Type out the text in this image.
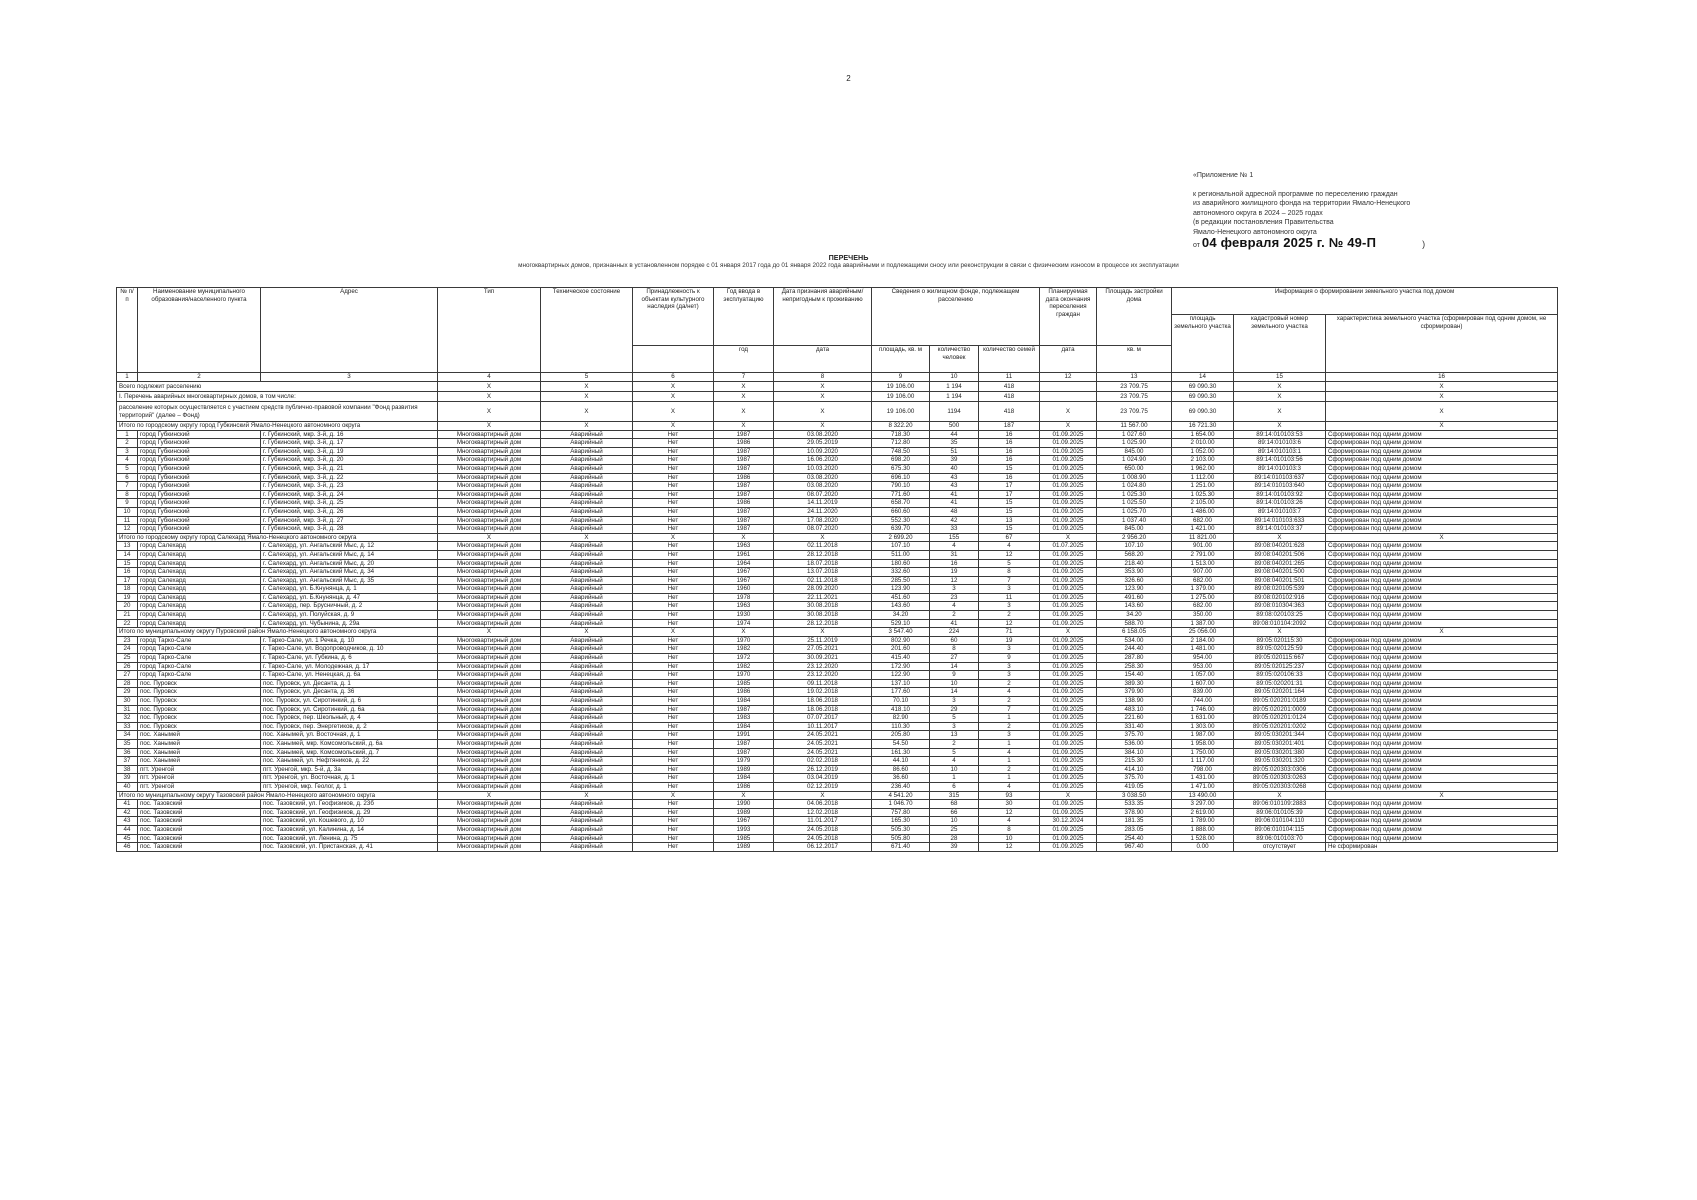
2
«Приложение № 1
к региональной адресной программе по переселению граждан
из аварийного жилищного фонда на территории Ямало-Ненецкого
автономного округа в 2024 – 2025 годах
(в редакции постановления Правительства
Ямало-Ненецкого автономного округа
от 04 февраля 2025 г. № 49-П	)
ПЕРЕЧЕНЬ
многоквартирных домов, признанных в установленном порядке с 01 января 2017 года до 01 января 2022 года аварийными и подлежащими сносу или реконструкции в связи с физическим износом в процессе их эксплуатации
№ п/п	Наименование муниципального образования/населенного пункта	Адрес	Тип	Техническое состояние	Принадлежность к объектам культурного наследия (да/нет)	Год ввода в эксплуатацию	Дата признания аварийным/непригодным к проживанию	Сведения о жилищном фонде, подлежащем расселению			Планируемая дата окончания переселения граждан	Площадь застройки дома	Информация о формировании земельного участка под домом		
													площадь земельного участка	кадастровый номер земельного участка	характеристика земельного участка (сформирован под одним домом, не сформирован)
						год	дата	площадь, кв. м	количество человек	количество семей	дата	кв. м			
1	2	3	4	5	6	7	8	9	10	11	12	13	14	15	16
Всего подлежит расселению			X	X	X	X	X	19 106.00	1 194	418		23 709.75	69 090.30	X	X
I. Перечень аварийных многоквартирных домов, в том числе:			X	X	X	X	X	19 106.00	1 194	418		23 709.75	69 090.30	X	X
расселение которых осуществляется с участием средств публично-правовой компании "Фонд развития территорий" (далее – Фонд)			X	X	X	X	X	19 106.00	1194	418	X	23 709.75	69 090.30	X	X
Итого по городскому округу город Губкинский Ямало-Ненецкого автономного округа			X	X	X	X	X	8 322.20	500	187	X	11 567.00	16 721.30	X	X
1	город Губкинский	г. Губкинский, мкр. 3-й, д. 16	Многоквартирный дом	Аварийный	Нет	1987	03.08.2020	718.30	44	16	01.09.2025	1 027.60	1 654.00	89:14:010103:53	Сформирован под одним домом
2	город Губкинский	г. Губкинский, мкр. 3-й, д. 17	Многоквартирный дом	Аварийный	Нет	1986	29.05.2019	712.80	35	16	01.09.2025	1 025.90	2 010.00	89:14:010103:6	Сформирован под одним домом
3	город Губкинский	г. Губкинский, мкр. 3-й, д. 19	Многоквартирный дом	Аварийный	Нет	1987	10.09.2020	748.50	51	16	01.09.2025	845.00	1 052.00	89:14:010103:1	Сформирован под одним домом
4	город Губкинский	г. Губкинский, мкр. 3-й, д. 20	Многоквартирный дом	Аварийный	Нет	1987	16.06.2020	698.20	39	16	01.09.2025	1 024.90	2 103.00	89:14:010103:56	Сформирован под одним домом
5	город Губкинский	г. Губкинский, мкр. 3-й, д. 21	Многоквартирный дом	Аварийный	Нет	1987	10.03.2020	675.30	40	15	01.09.2025	650.00	1 962.00	89:14:010103:3	Сформирован под одним домом
6	город Губкинский	г. Губкинский, мкр. 3-й, д. 22	Многоквартирный дом	Аварийный	Нет	1986	03.08.2020	696.10	43	16	01.09.2025	1 008.90	1 112.00	89:14:010103:637	Сформирован под одним домом
7	город Губкинский	г. Губкинский, мкр. 3-й, д. 23	Многоквартирный дом	Аварийный	Нет	1987	03.08.2020	790.10	43	17	01.09.2025	1 024.80	1 251.00	89:14:010103:640	Сформирован под одним домом
8	город Губкинский	г. Губкинский, мкр. 3-й, д. 24	Многоквартирный дом	Аварийный	Нет	1987	08.07.2020	771.60	41	17	01.09.2025	1 025.30	1 025.30	89:14:010103:92	Сформирован под одним домом
9	город Губкинский	г. Губкинский, мкр. 3-й, д. 25	Многоквартирный дом	Аварийный	Нет	1986	14.11.2019	658.70	41	15	01.09.2025	1 025.50	2 105.00	89:14:010103:26	Сформирован под одним домом
10	город Губкинский	г. Губкинский, мкр. 3-й, д. 26	Многоквартирный дом	Аварийный	Нет	1987	24.11.2020	660.60	48	15	01.09.2025	1 025.70	1 486.00	89:14:010103:7	Сформирован под одним домом
11	город Губкинский	г. Губкинский, мкр. 3-й, д. 27	Многоквартирный дом	Аварийный	Нет	1987	17.08.2020	552.30	42	13	01.09.2025	1 037.40	682.00	89:14:010103:633	Сформирован под одним домом
12	город Губкинский	г. Губкинский, мкр. 3-й, д. 28	Многоквартирный дом	Аварийный	Нет	1987	08.07.2020	639.70	33	15	01.09.2025	845.00	1 421.00	89:14:010103:37	Сформирован под одним домом
Итого по городскому округу город Салехард Ямало-Ненецкого автономного округа			X	X	X	X	X	2 699.20	155	67	X	2 956.20	11 821.00	X	X
13	город Салехард	г. Салехард, ул. Ангальский Мыс, д. 12	Многоквартирный дом	Аварийный	Нет	1963	02.11.2018	107.10	4	4	01.07.2025	107.10	901.00	89:08:040201:628	Сформирован под одним домом
14	город Салехард	г. Салехард, ул. Ангальский Мыс, д. 14	Многоквартирный дом	Аварийный	Нет	1961	28.12.2018	511.00	31	12	01.09.2025	568.20	2 791.00	89:08:040201:506	Сформирован под одним домом
15	город Салехард	г. Салехард, ул. Ангальский Мыс, д. 20	Многоквартирный дом	Аварийный	Нет	1964	18.07.2018	180.60	16	5	01.09.2025	218.40	1 513.00	89:08:040201:265	Сформирован под одним домом
16	город Салехард	г. Салехард, ул. Ангальский Мыс, д. 34	Многоквартирный дом	Аварийный	Нет	1967	13.07.2018	332.60	19	8	01.09.2025	353.90	907.00	89:08:040201:500	Сформирован под одним домом
17	город Салехард	г. Салехард, ул. Ангальский Мыс, д. 35	Многоквартирный дом	Аварийный	Нет	1967	02.11.2018	285.50	12	7	01.09.2025	326.60	682.00	89:08:040201:501	Сформирован под одним домом
18	город Салехард	г. Салехард, ул. Б.Кнунянца, д. 1	Многоквартирный дом	Аварийный	Нет	1960	28.09.2020	123.90	3	3	01.09.2025	123.90	1 379.00	89:08:020105:539	Сформирован под одним домом
19	город Салехард	г. Салехард, ул. Б.Кнунянца, д. 47	Многоквартирный дом	Аварийный	Нет	1978	22.11.2021	451.60	23	11	01.09.2025	491.60	1 275.00	89:08:020102:916	Сформирован под одним домом
20	город Салехард	г. Салехард, пер. Брусничный, д. 2	Многоквартирный дом	Аварийный	Нет	1963	30.08.2018	143.60	4	3	01.09.2025	143.60	682.00	89:08:010304:363	Сформирован под одним домом
21	город Салехард	г. Салехард, ул. Полуйская, д. 9	Многоквартирный дом	Аварийный	Нет	1930	30.08.2018	34.20	2	2	01.09.2025	34.20	350.00	89:08:020103:25	Сформирован под одним домом
22	город Салехард	г. Салехард, ул. Чубынина, д. 29а	Многоквартирный дом	Аварийный	Нет	1974	28.12.2018	529.10	41	12	01.09.2025	588.70	1 387.00	89:08:010104:2092	Сформирован под одним домом
Итого по муниципальному округу Пуровский район Ямало-Ненецкого автономного округа			X	X	X	X	X	3 547.40	224	71	X	6 158.05	25 056.00	X	X
23	город Тарко-Сале	г. Тарко-Сале, ул. 1 Речка, д. 10	Многоквартирный дом	Аварийный	Нет	1970	25.11.2019	802.90	60	19	01.09.2025	534.00	2 184.00	89:05:020115:30	Сформирован под одним домом
24	город Тарко-Сале	г. Тарко-Сале, ул. Водопроводчиков, д. 10	Многоквартирный дом	Аварийный	Нет	1982	27.05.2021	201.60	8	3	01.09.2025	244.40	1 481.00	89:05:020125:59	Сформирован под одним домом
25	город Тарко-Сале	г. Тарко-Сале, ул. Губкина, д. 6	Многоквартирный дом	Аварийный	Нет	1972	30.09.2021	415.40	27	9	01.09.2025	287.80	954.00	89:05:020115:667	Сформирован под одним домом
26	город Тарко-Сале	г. Тарко-Сале, ул. Молодежная, д. 17	Многоквартирный дом	Аварийный	Нет	1982	23.12.2020	172.90	14	3	01.09.2025	258.30	953.00	89:05:020125:237	Сформирован под одним домом
27	город Тарко-Сале	г. Тарко-Сале, ул. Ненецкая, д. 6а	Многоквартирный дом	Аварийный	Нет	1970	23.12.2020	122.90	9	3	01.09.2025	154.40	1 057.00	89:05:020106:33	Сформирован под одним домом
28	пос. Пуровск	пос. Пуровск, ул. Десанта, д. 1	Многоквартирный дом	Аварийный	Нет	1985	09.11.2018	137.10	10	2	01.09.2025	389.30	1 607.00	89:05:020201:31	Сформирован под одним домом
29	пос. Пуровск	пос. Пуровск, ул. Десанта, д. 36	Многоквартирный дом	Аварийный	Нет	1986	19.02.2018	177.60	14	4	01.09.2025	379.90	839.00	89:05:020201:164	Сформирован под одним домом
30	пос. Пуровск	пос. Пуровск, ул. Сиротинкий, д. 6	Многоквартирный дом	Аварийный	Нет	1984	18.06.2018	70.10	3	2	01.09.2025	138.90	744.00	89:05:020201:0189	Сформирован под одним домом
31	пос. Пуровск	пос. Пуровск, ул. Сиротинкий, д. 6а	Многоквартирный дом	Аварийный	Нет	1987	18.06.2018	418.10	29	7	01.09.2025	483.10	1 746.00	89:05:020201:0009	Сформирован под одним домом
32	пос. Пуровск	пос. Пуровск, пер. Школьный, д. 4	Многоквартирный дом	Аварийный	Нет	1983	07.07.2017	82.90	5	1	01.09.2025	221.60	1 631.00	89:05:020201:0124	Сформирован под одним домом
33	пос. Пуровск	пос. Пуровск, пер. Энергетиков, д. 2	Многоквартирный дом	Аварийный	Нет	1984	10.11.2017	110.30	3	2	01.09.2025	331.40	1 303.00	89:05:020201:0202	Сформирован под одним домом
34	пос. Ханымей	пос. Ханымей, ул. Восточная, д. 1	Многоквартирный дом	Аварийный	Нет	1991	24.05.2021	205.80	13	3	01.09.2025	375.70	1 987.00	89:05:030201:344	Сформирован под одним домом
35	пос. Ханымей	пос. Ханымей, мкр. Комсомольский, д. 6а	Многоквартирный дом	Аварийный	Нет	1987	24.05.2021	54.50	2	1	01.09.2025	536.00	1 958.00	89:05:030201:401	Сформирован под одним домом
36	пос. Ханымей	пос. Ханымей, мкр. Комсомольский, д. 7	Многоквартирный дом	Аварийный	Нет	1987	24.05.2021	161.30	5	4	01.09.2025	384.10	1 750.00	89:05:030201:380	Сформирован под одним домом
37	пос. Ханымей	пос. Ханымей, ул. Нефтяников, д. 22	Многоквартирный дом	Аварийный	Нет	1979	02.02.2018	44.10	4	1	01.09.2025	215.30	1 117.00	89:05:030201:320	Сформирован под одним домом
38	пгт. Уренгой	пгт. Уренгой, мкр. 5-й, д. 3а	Многоквартирный дом	Аварийный	Нет	1989	26.12.2019	86.60	10	2	01.09.2025	414.10	798.00	89:05:020303:0306	Сформирован под одним домом
39	пгт. Уренгой	пгт. Уренгой, ул. Восточная, д. 1	Многоквартирный дом	Аварийный	Нет	1984	03.04.2019	36.60	1	1	01.09.2025	375.70	1 431.00	89:05:020303:0263	Сформирован под одним домом
40	пгт. Уренгой	пгт. Уренгой, мкр. Геолог, д. 1	Многоквартирный дом	Аварийный	Нет	1986	02.12.2019	236.40	6	4	01.09.2025	419.05	1 471.00	89:05:020303:0268	Сформирован под одним домом
Итого по муниципальному округу Тазовский район Ямало-Ненецкого автономного округа			X	X	X	X	X	4 541.20	315	93	X	3 038.50	13 490.00	X	X
41	пос. Тазовский	пос. Тазовский, ул. Геофизиков, д. 23б	Многоквартирный дом	Аварийный	Нет	1990	04.06.2018	1 046.70	68	30	01.09.2025	533.35	3 297.00	89:06:010109:2883	Сформирован под одним домом
42	пос. Тазовский	пос. Тазовский, ул. Геофизиков, д. 29	Многоквартирный дом	Аварийный	Нет	1989	12.02.2018	757.80	66	12	01.09.2025	378.90	2 619.00	89:06:010105:39	Сформирован под одним домом
43	пос. Тазовский	пос. Тазовский, ул. Кошевого, д. 10	Многоквартирный дом	Аварийный	Нет	1967	11.01.2017	165.30	10	4	30.12.2024	181.35	1 789.00	89:06:010104:110	Сформирован под одним домом
44	пос. Тазовский	пос. Тазовский, ул. Калинина, д. 14	Многоквартирный дом	Аварийный	Нет	1993	24.05.2018	505.30	25	8	01.09.2025	283.05	1 888.00	89:06:010104:115	Сформирован под одним домом
45	пос. Тазовский	пос. Тазовский, ул. Ленина, д. 75	Многоквартирный дом	Аварийный	Нет	1985	24.05.2018	505.80	28	10	01.09.2025	254.40	1 528.00	89:06:010103:70	Сформирован под одним домом
46	пос. Тазовский	пос. Тазовский, ул. Пристанская, д. 41	Многоквартирный дом	Аварийный	Нет	1989	06.12.2017	671.40	39	12	01.09.2025	967.40	0.00	отсутствует	Не сформирован
